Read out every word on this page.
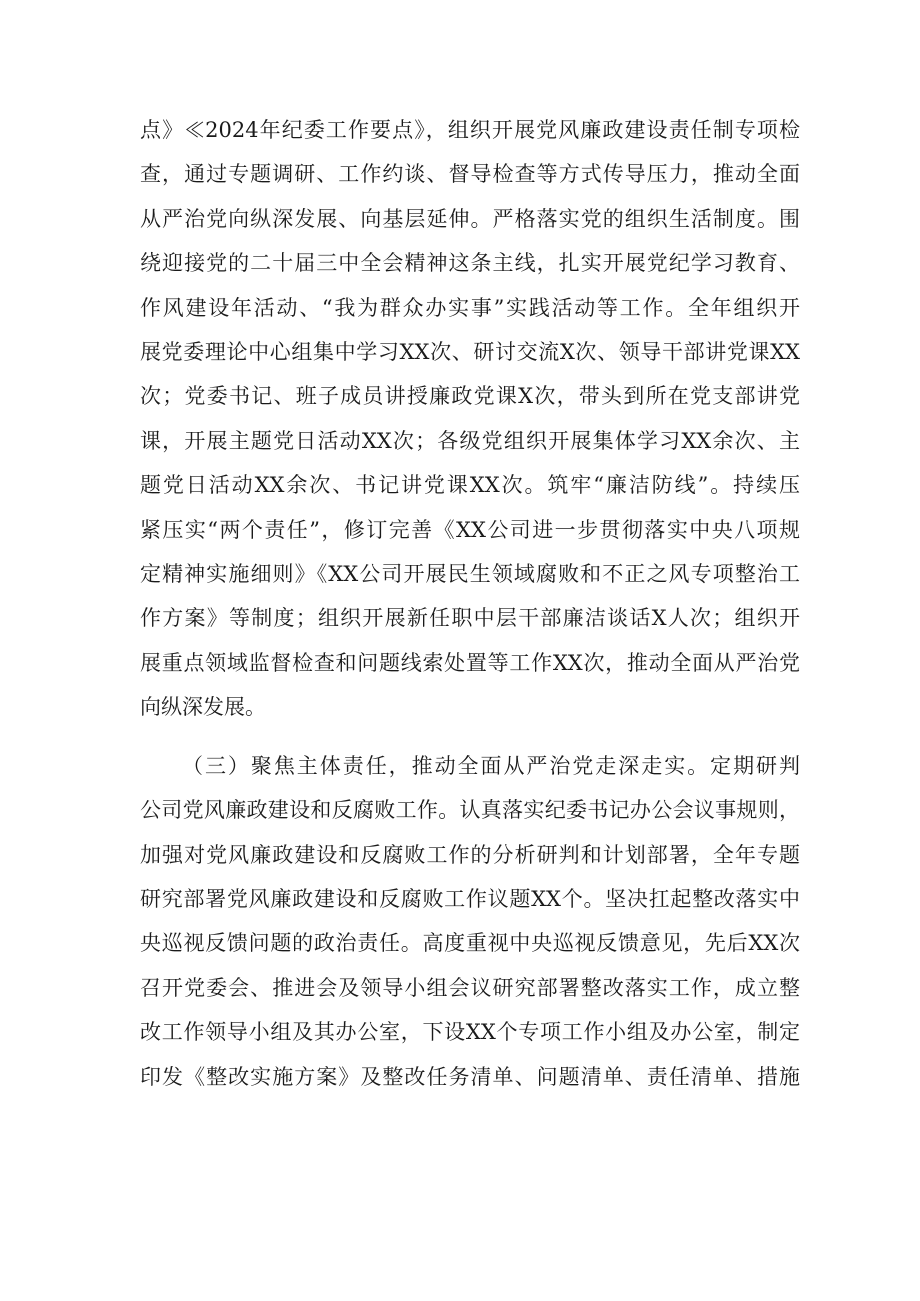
点》≪2024年纪委工作要点》，组织开展党风廉政建设责任制专项检
查，通过专题调研、工作约谈、督导检查等方式传导压力，推动全面
从严治党向纵深发展、向基层延伸。严格落实党的组织生活制度。围
绕迎接党的二十届三中全会精神这条主线，扎实开展党纪学习教育、
作风建设年活动、“我为群众办实事”实践活动等工作。全年组织开
展党委理论中心组集中学习XX次、研讨交流X次、领导干部讲党课XX
次；党委书记、班子成员讲授廉政党课X次，带头到所在党支部讲党
课，开展主题党日活动XX次；各级党组织开展集体学习XX余次、主
题党日活动XX余次、书记讲党课XX次。筑牢“廉洁防线”。持续压
紧压实“两个责任”，修订完善《XX公司进一步贯彻落实中央八项规
定精神实施细则》《XX公司开展民生领域腐败和不正之风专项整治工
作方案》等制度；组织开展新任职中层干部廉洁谈话X人次；组织开
展重点领域监督检查和问题线索处置等工作XX次，推动全面从严治党
向纵深发展。
（三）聚焦主体责任，推动全面从严治党走深走实。定期研判
公司党风廉政建设和反腐败工作。认真落实纪委书记办公会议事规则，
加强对党风廉政建设和反腐败工作的分析研判和计划部署，全年专题
研究部署党风廉政建设和反腐败工作议题XX个。坚决扛起整改落实中
央巡视反馈问题的政治责任。高度重视中央巡视反馈意见，先后XX次
召开党委会、推进会及领导小组会议研究部署整改落实工作，成立整
改工作领导小组及其办公室，下设XX个专项工作小组及办公室，制定
印发《整改实施方案》及整改任务清单、问题清单、责任清单、措施
